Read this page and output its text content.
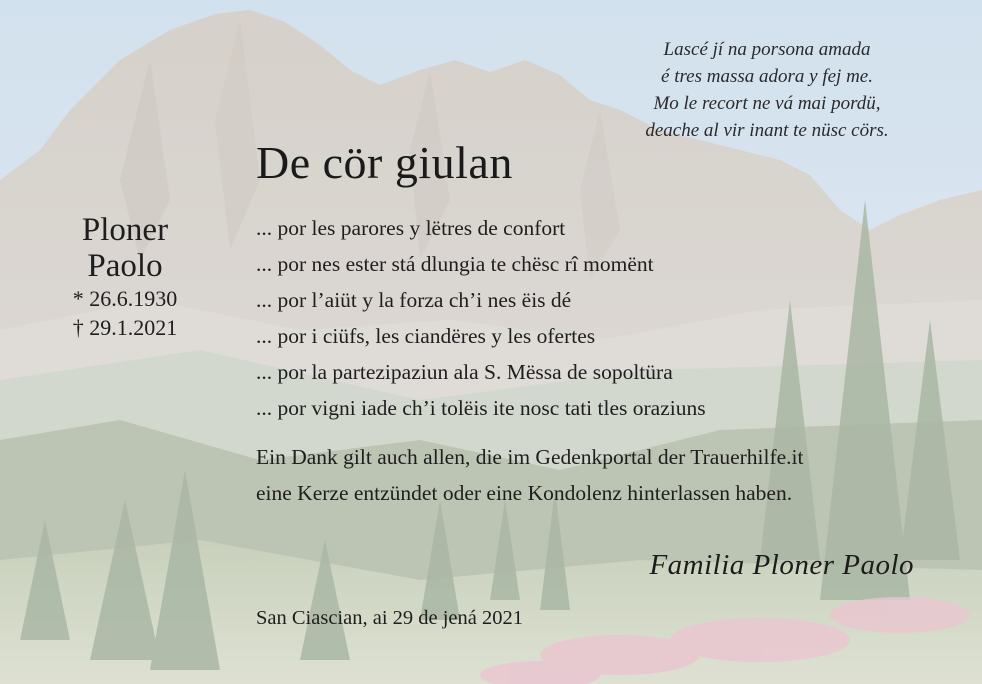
Lascé jí na porsona amada
é tres massa adora y fej me.
Mo le recort ne vá mai pordü,
deache al vir inant te nüsc cörs.
De cör giulan
Ploner
Paolo
* 26.6.1930
† 29.1.2021
... por les parores y lëtres de confort
... por nes ester stá dlungia te chësc rî momënt
... por l’aiüt y la forza ch’i nes ëis dé
... por i ciüfs, les ciandëres y les ofertes
... por la partezipaziun ala S. Mëssa de sopoltüra
... por vigni iade ch’i tolëis ite nosc tati tles oraziuns
Ein Dank gilt auch allen, die im Gedenkportal der Trauerhilfe.it
eine Kerze entzündet oder eine Kondolenz hinterlassen haben.
Familia Ploner Paolo
San Ciascian, ai 29 de jená 2021
